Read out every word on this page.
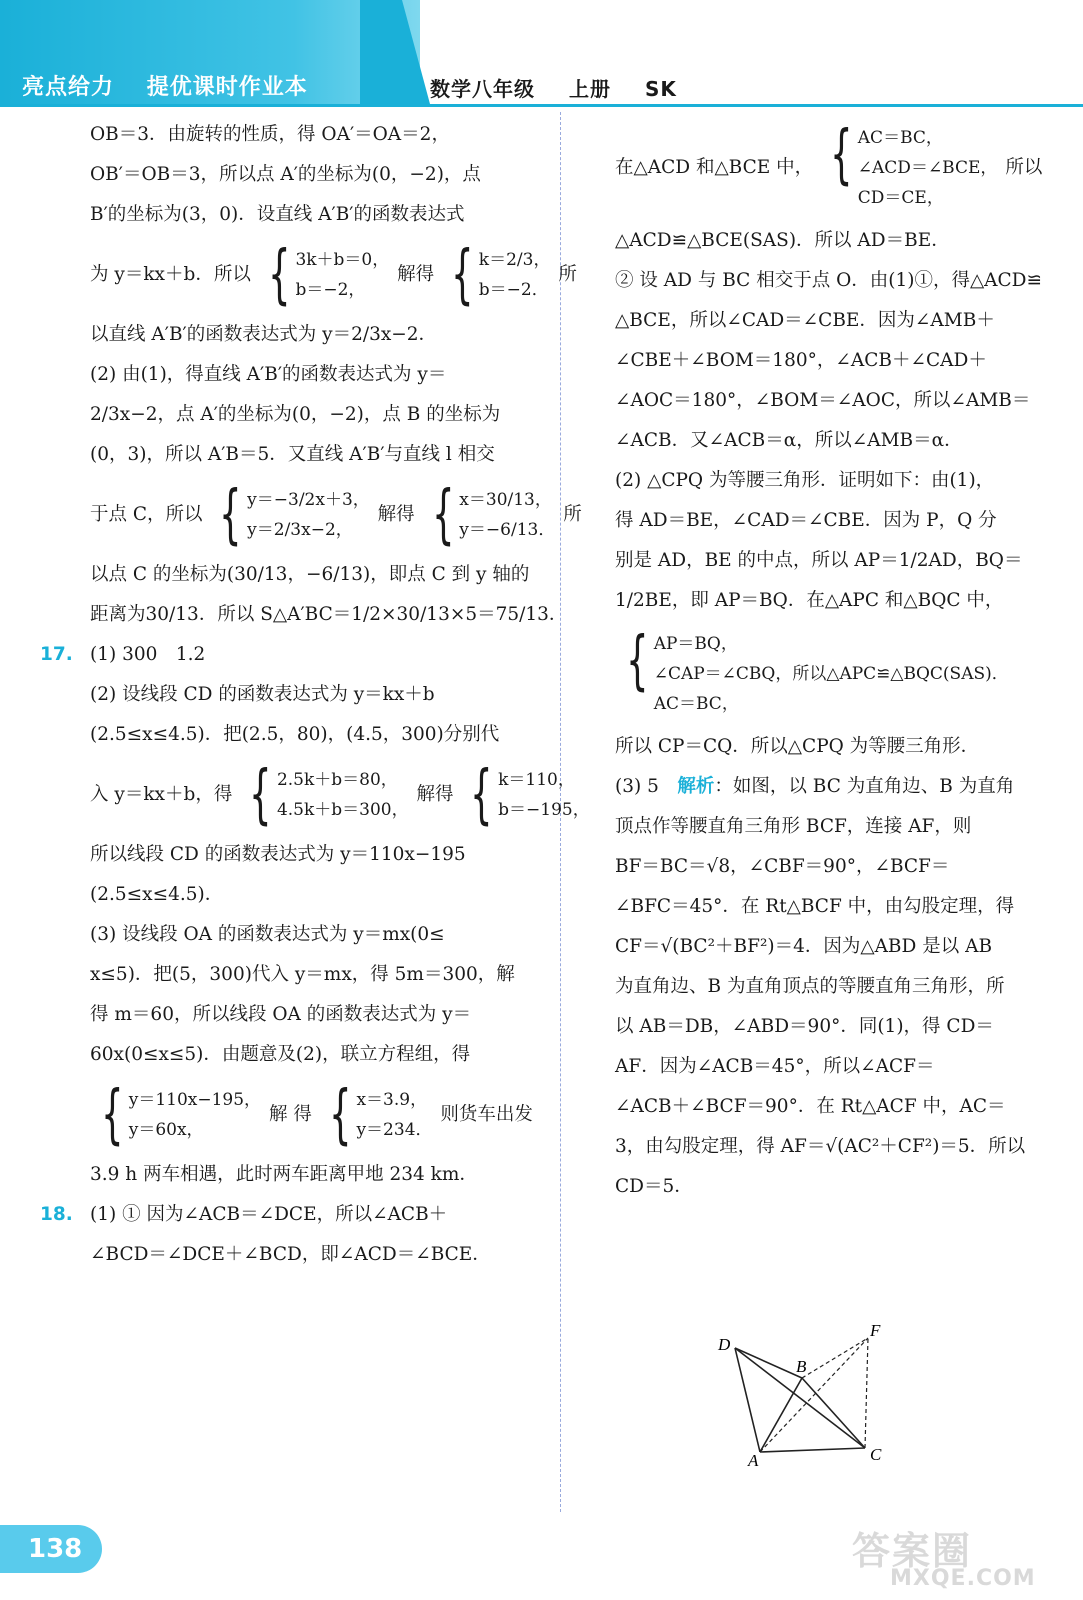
亮点给力 提优课时作业本	数学八年级 上册 SK
OB＝3．由旋转的性质，得 OA′＝OA＝2，
OB′＝OB＝3，所以点 A′的坐标为(0，−2)，点
B′的坐标为(3，0)．设直线 A′B′的函数表达式
为 y＝kx＋b．所以 { 3k＋b＝0，
b＝−2，
解得 { k＝2/3，
b＝−2．
所
以直线 A′B′的函数表达式为 y＝2/3x−2．
(2) 由(1)，得直线 A′B′的函数表达式为 y＝
2/3x−2，点 A′的坐标为(0，−2)，点 B 的坐标为
(0，3)，所以 A′B＝5．又直线 A′B′与直线 l 相交
于点 C，所以 { y＝−3/2x＋3，
y＝2/3x−2，
解得 { x＝30/13，
y＝−6/13．
所
以点 C 的坐标为(30/13，−6/13)，即点 C 到 y 轴的
距离为30/13．所以 S△A′BC＝1/2×30/13×5＝75/13．
17. (1) 300　1.2
(2) 设线段 CD 的函数表达式为 y＝kx＋b
(2.5≤x≤4.5)．把(2.5，80)，(4.5，300)分别代
入 y＝kx＋b，得 { 2.5k＋b＝80，
4.5k＋b＝300，
解得 { k＝110，
b＝−195，
所以线段 CD 的函数表达式为 y＝110x−195
(2.5≤x≤4.5)．
(3) 设线段 OA 的函数表达式为 y＝mx(0≤
x≤5)．把(5，300)代入 y＝mx，得 5m＝300，解
得 m＝60，所以线段 OA 的函数表达式为 y＝
60x(0≤x≤5)．由题意及(2)，联立方程组，得
{ y＝110x−195，
y＝60x，
解 得 { x＝3.9，
y＝234．
则货车出发
3.9 h 两车相遇，此时两车距离甲地 234 km．
18. (1) ① 因为∠ACB＝∠DCE，所以∠ACB＋
∠BCD＝∠DCE＋∠BCD，即∠ACD＝∠BCE．
在△ACD 和△BCE 中， { AC＝BC，
∠ACD＝∠BCE，
CD＝CE，
所以
△ACD≌△BCE(SAS)．所以 AD＝BE．
② 设 AD 与 BC 相交于点 O．由(1)①，得△ACD≌
△BCE，所以∠CAD＝∠CBE．因为∠AMB＋
∠CBE＋∠BOM＝180°，∠ACB＋∠CAD＋
∠AOC＝180°，∠BOM＝∠AOC，所以∠AMB＝
∠ACB．又∠ACB＝α，所以∠AMB＝α．
(2) △CPQ 为等腰三角形．证明如下：由(1)，
得 AD＝BE，∠CAD＝∠CBE．因为 P，Q 分
别是 AD，BE 的中点，所以 AP＝1/2AD，BQ＝
1/2BE，即 AP＝BQ．在△APC 和△BQC 中，
{ AP＝BQ，
∠CAP＝∠CBQ，所以△APC≌△BQC(SAS)．
AC＝BC，
所以 CP＝CQ．所以△CPQ 为等腰三角形．
(3) 5　解析：如图，以 BC 为直角边、B 为直角
顶点作等腰直角三角形 BCF，连接 AF，则
BF＝BC＝√8，∠CBF＝90°，∠BCF＝
∠BFC＝45°．在 Rt△BCF 中，由勾股定理，得
CF＝√(BC²＋BF²)＝4．因为△ABD 是以 AB
为直角边、B 为直角顶点的等腰直角三角形，所
以 AB＝DB，∠ABD＝90°．同(1)，得 CD＝
AF．因为∠ACB＝45°，所以∠ACF＝
∠ACB＋∠BCF＝90°．在 Rt△ACF 中，AC＝
3，由勾股定理，得 AF＝√(AC²＋CF²)＝5．所以
CD＝5．
F
D
B
A	C
138	答案圈
MXQE.COM
